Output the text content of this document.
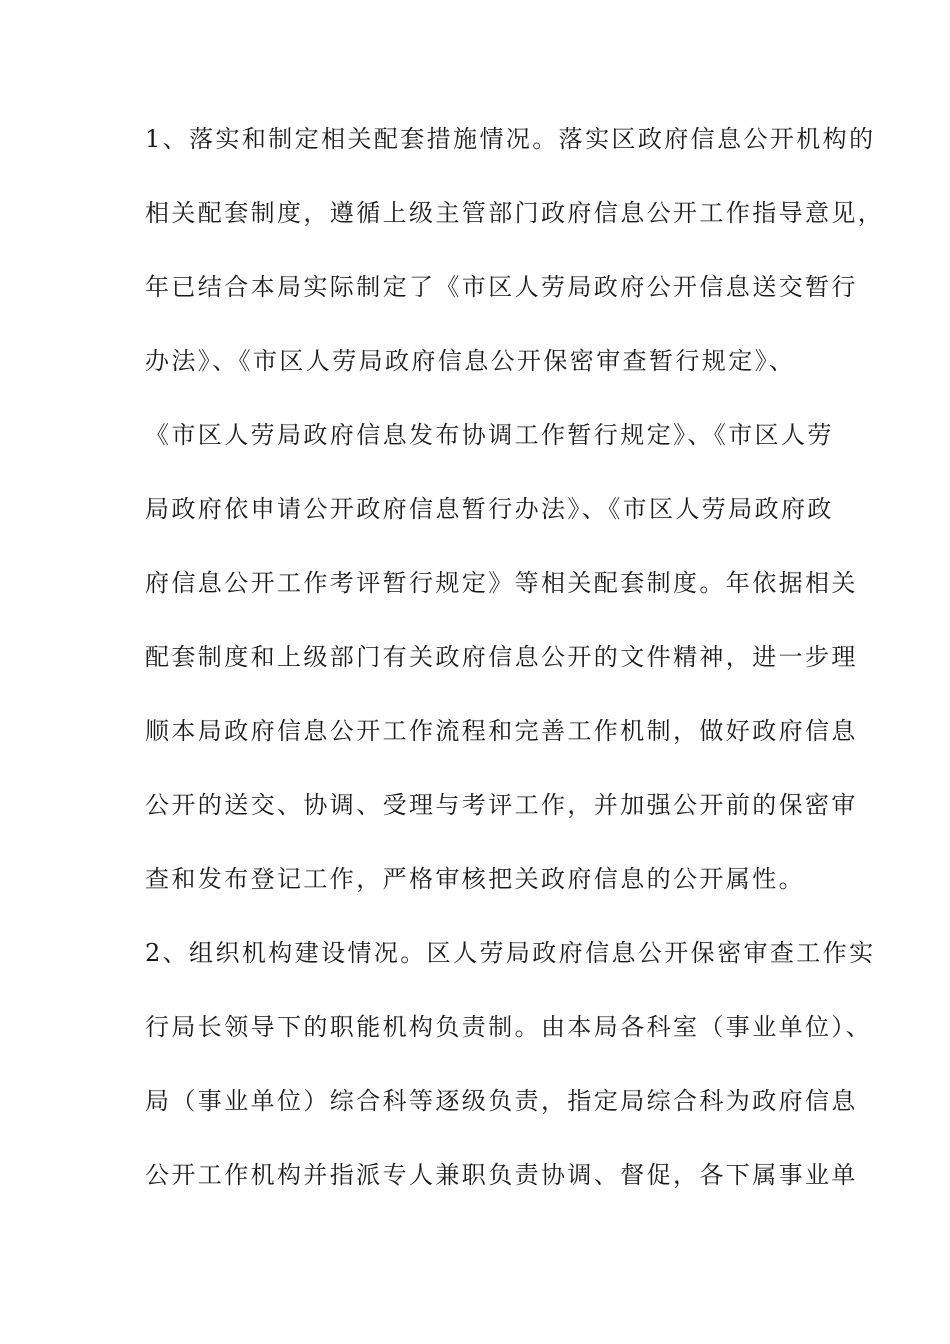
1、落实和制定相关配套措施情况。落实区政府信息公开机构的

相关配套制度，遵循上级主管部门政府信息公开工作指导意见，

年已结合本局实际制定了《市区人劳局政府公开信息送交暂行

办法》、《市区人劳局政府信息公开保密审查暂行规定》、

《市区人劳局政府信息发布协调工作暂行规定》、《市区人劳

局政府依申请公开政府信息暂行办法》、《市区人劳局政府政

府信息公开工作考评暂行规定》等相关配套制度。年依据相关

配套制度和上级部门有关政府信息公开的文件精神，进一步理

顺本局政府信息公开工作流程和完善工作机制，做好政府信息

公开的送交、协调、受理与考评工作，并加强公开前的保密审

查和发布登记工作，严格审核把关政府信息的公开属性。

2、组织机构建设情况。区人劳局政府信息公开保密审查工作实

行局长领导下的职能机构负责制。由本局各科室（事业单位）、

局（事业单位）综合科等逐级负责，指定局综合科为政府信息

公开工作机构并指派专人兼职负责协调、督促，各下属事业单
